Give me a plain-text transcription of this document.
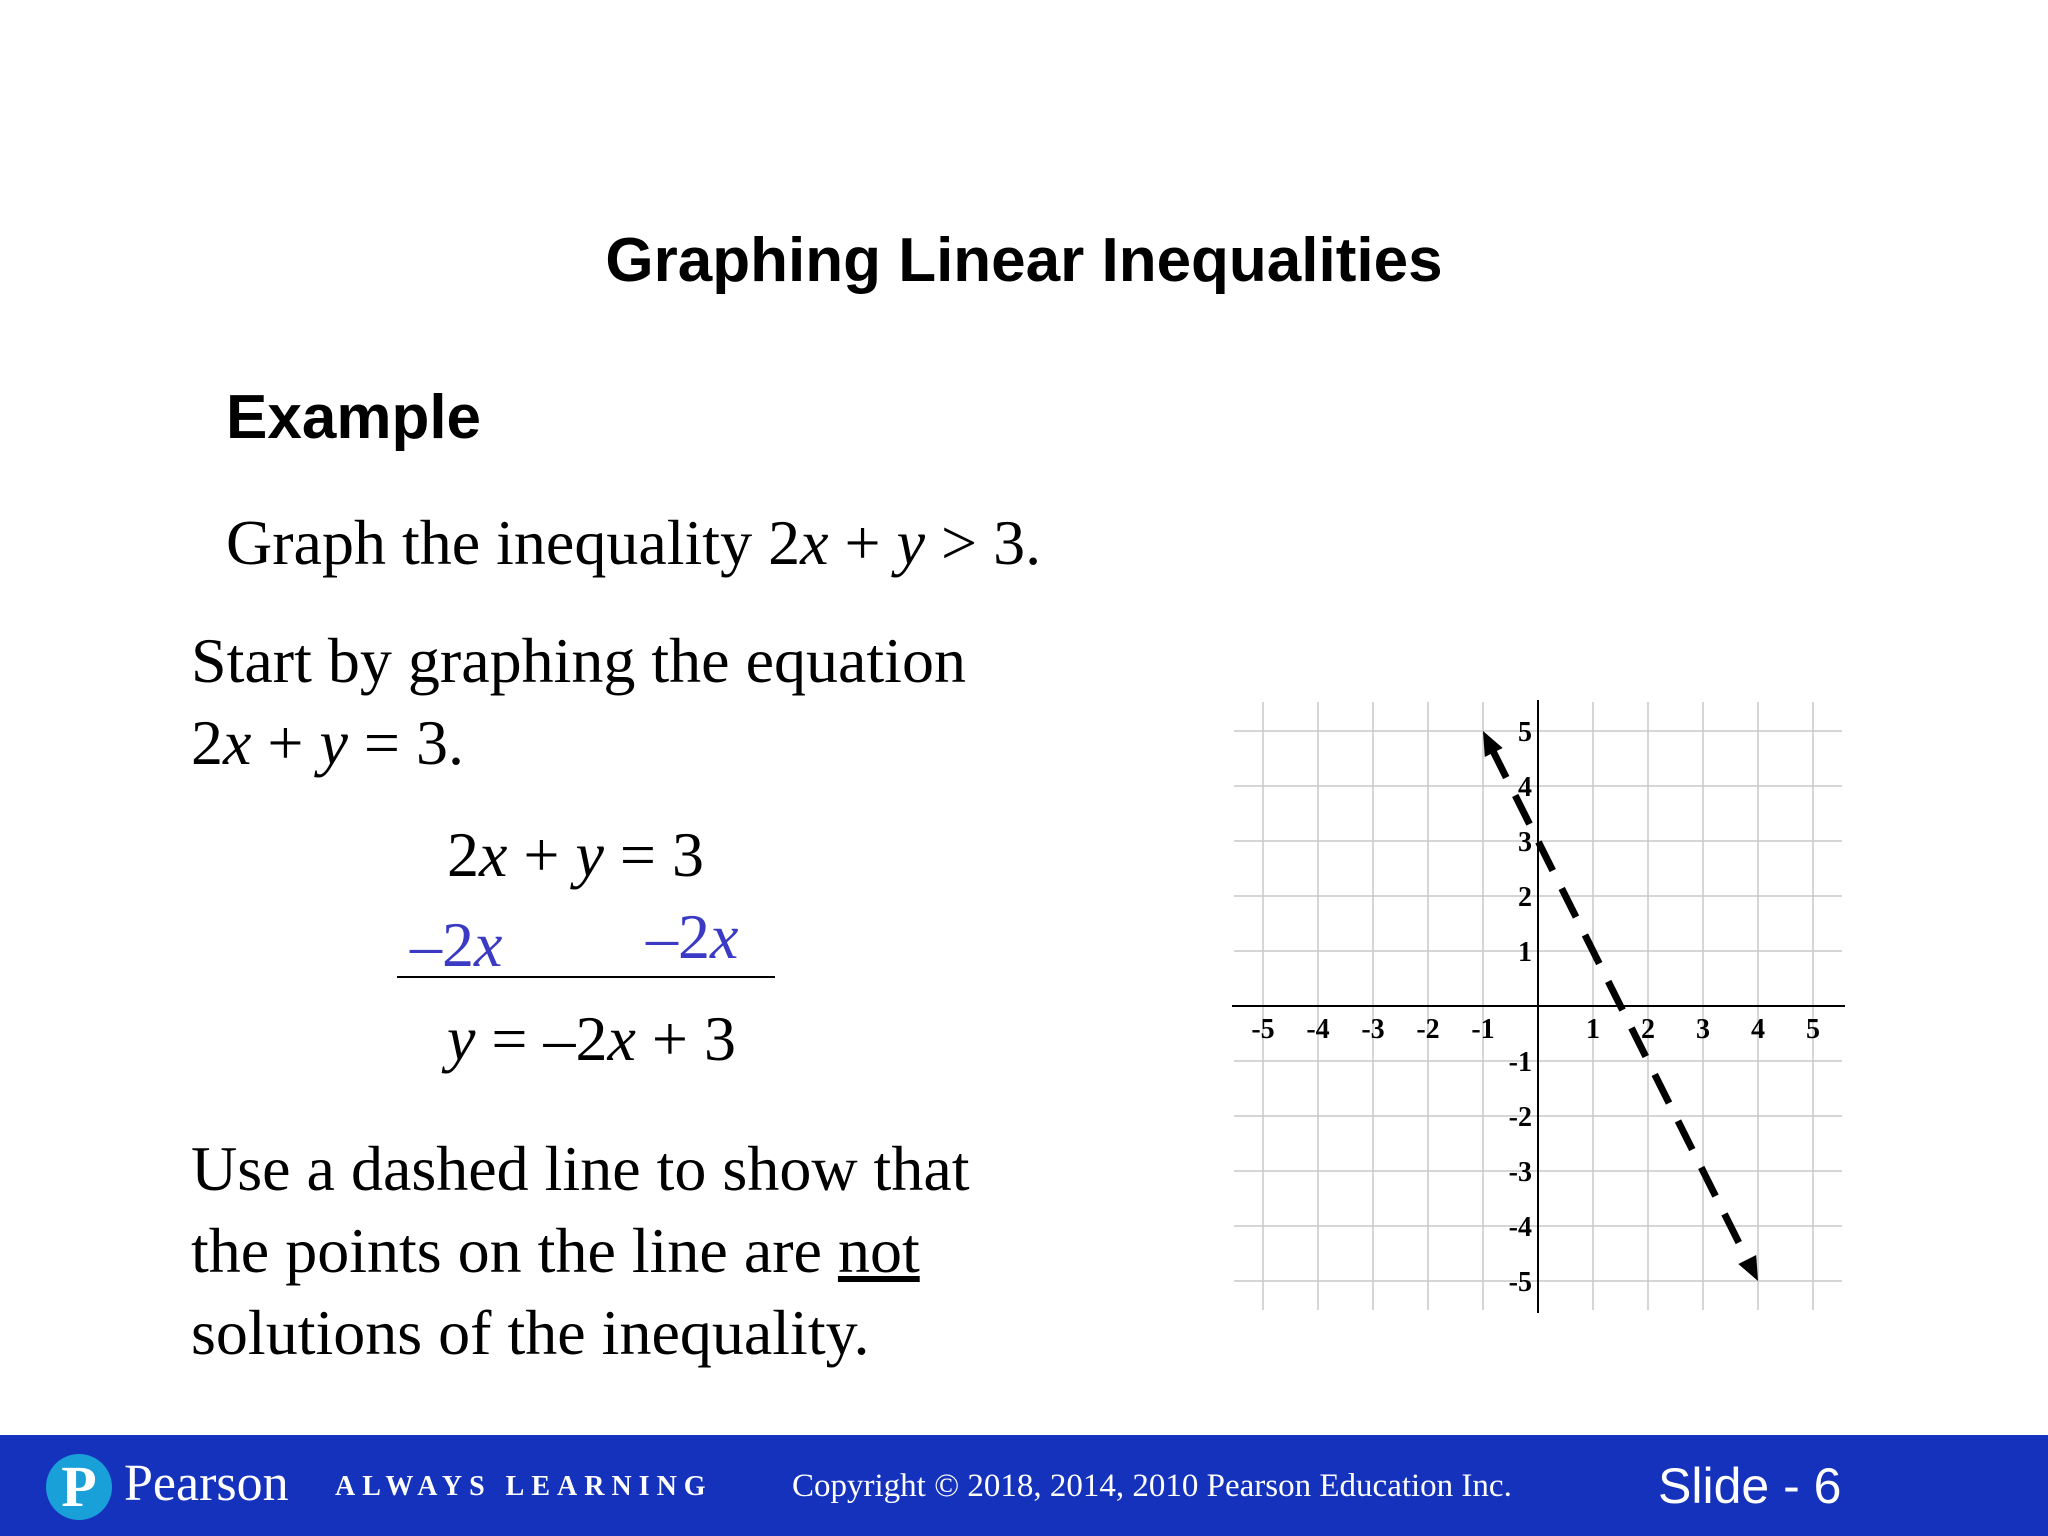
Graphing Linear Inequalities
Example

Graph the inequality 2x + y > 3.

Start by graphing the equation
2x + y = 3.

2x + y = 3

–2x –2x

y = –2x + 3

Use a dashed line to show that
the points on the line are not
solutions of the inequality.
-5 -4 -3 -2 -1	1 2 3 4 5
5
4
3
2
1
-1
-2
-3
-4
-5
P Pearson ALWAYS LEARNING Copyright © 2018, 2014, 2010 Pearson Education Inc.	Slide - 6
